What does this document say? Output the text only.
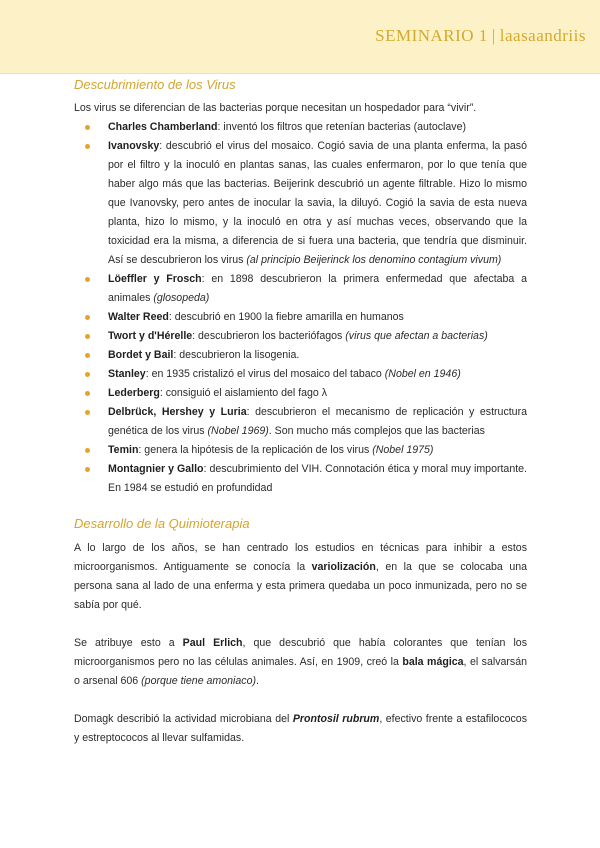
SEMINARIO 1 | laasaandriis
Descubrimiento de los Virus

Los virus se diferencian de las bacterias porque necesitan un hospedador para “vivir”.

Charles Chamberland: inventó los filtros que retenían bacterias (autoclave)
Ivanovsky: descubrió el virus del mosaico. Cogió savia de una planta enferma, la pasó por el filtro y la inoculó en plantas sanas, las cuales enfermaron, por lo que tenía que haber algo más que las bacterias. Beijerink descubrió un agente filtrable. Hizo lo mismo que Ivanovsky, pero antes de inocular la savia, la diluyó. Cogió la savia de esta nueva planta, hizo lo mismo, y la inoculó en otra y así muchas veces, observando que la toxicidad era la misma, a diferencia de si fuera una bacteria, que tendría que disminuir. Así se descubrieron los virus (al principio Beijerinck los denomino contagium vivum)
Löeffler y Frosch: en 1898 descubrieron la primera enfermedad que afectaba a animales (glosopeda)
Walter Reed: descubrió en 1900 la fiebre amarilla en humanos
Twort y d'Hérelle: descubrieron los bacteriófagos (virus que afectan a bacterias)
Bordet y Bail: descubrieron la lisogenia.
Stanley: en 1935 cristalizó el virus del mosaico del tabaco (Nobel en 1946)
Lederberg: consiguió el aislamiento del fago λ
Delbrück, Hershey y Luria: descubrieron el mecanismo de replicación y estructura genética de los virus (Nobel 1969). Son mucho más complejos que las bacterias
Temin: genera la hipótesis de la replicación de los virus (Nobel 1975)
Montagnier y Gallo: descubrimiento del VIH. Connotación ética y moral muy importante. En 1984 se estudió en profundidad
Desarrollo de la Quimioterapia

A lo largo de los años, se han centrado los estudios en técnicas para inhibir a estos microorganismos. Antiguamente se conocía la variolización, en la que se colocaba una persona sana al lado de una enferma y esta primera quedaba un poco inmunizada, pero no se sabía por qué.

Se atribuye esto a Paul Erlich, que descubrió que había colorantes que tenían los microorganismos pero no las células animales. Así, en 1909, creó la bala mágica, el salvarsán o arsenal 606 (porque tiene amoniaco).

Domagk describió la actividad microbiana del Prontosil rubrum, efectivo frente a estafilococos y estreptococos al llevar sulfamidas.
